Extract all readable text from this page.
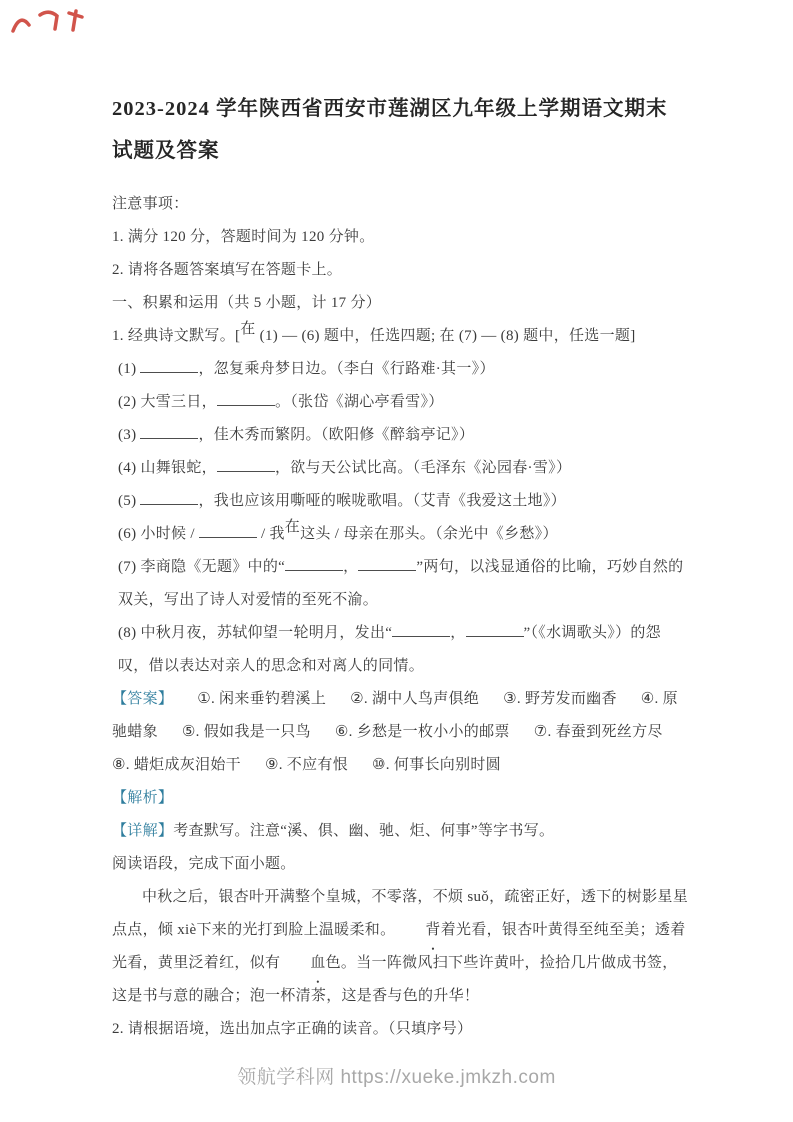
2023-2024 学年陕西省西安市莲湖区九年级上学期语文期末
试题及答案

注意事项：

1. 满分 120 分，答题时间为 120 分钟。

2. 请将各题答案填写在答题卡上。

一、积累和运用（共 5 小题，计 17 分）

1. 经典诗文默写。[在 (1) — (6) 题中，任选四题; 在 (7) — (8) 题中，任选一题]

(1)	，忽复乘舟梦日边。（李白《行路难·其一》）

(2) 大雪三日，	。（张岱《湖心亭看雪》）

(3)	，佳木秀而繁阴。（欧阳修《醉翁亭记》）

(4) 山舞银蛇，	，欲与天公试比高。（毛泽东《沁园春·雪》）

(5)	，我也应该用嘶哑的喉咙歌唱。（艾青《我爱这土地》）

(6) 小时候 /	/ 我在这头 / 母亲在那头。（余光中《乡愁》）

(7) 李商隐《无题》中的“	，	”两句，以浅显通俗的比喻，巧妙自然的双关，写出了诗人对爱情的至死不渝。

(8) 中秋月夜，苏轼仰望一轮明月，发出“	，	”（《水调歌头》）的怨叹，借以表达对亲人的思念和对离人的同情。

【答案】 ①. 闲来垂钓碧溪上 ②. 湖中人鸟声俱绝 ③. 野芳发而幽香 ④. 原驰蜡象 ⑤. 假如我是一只鸟 ⑥. 乡愁是一枚小小的邮票 ⑦. 春蚕到死丝方尽⑧. 蜡炬成灰泪始干 ⑨. 不应有恨 ⑩. 何事长向别时圆

【解析】

【详解】考查默写。注意“溪、俱、幽、驰、炬、何事”等字书写。

阅读语段，完成下面小题。

中秋之后，银杏叶开满整个皇城，不零落，不烦 suǒ，疏密正好，透下的树影星星点点，倾 xiè下来的光打到脸上温暖柔和。 背着光看，银杏叶黄得至纯至美；透着光看，黄里泛着红，似有 血色。当一阵微风扫下些许黄叶，捡拾几片做成书签，这是书与意的融合；泡一杯清茶，这是香与色的升华！

2. 请根据语境，选出加点字正确的读音。（只填序号）

领航学科网 https://xueke.jmkzh.com
